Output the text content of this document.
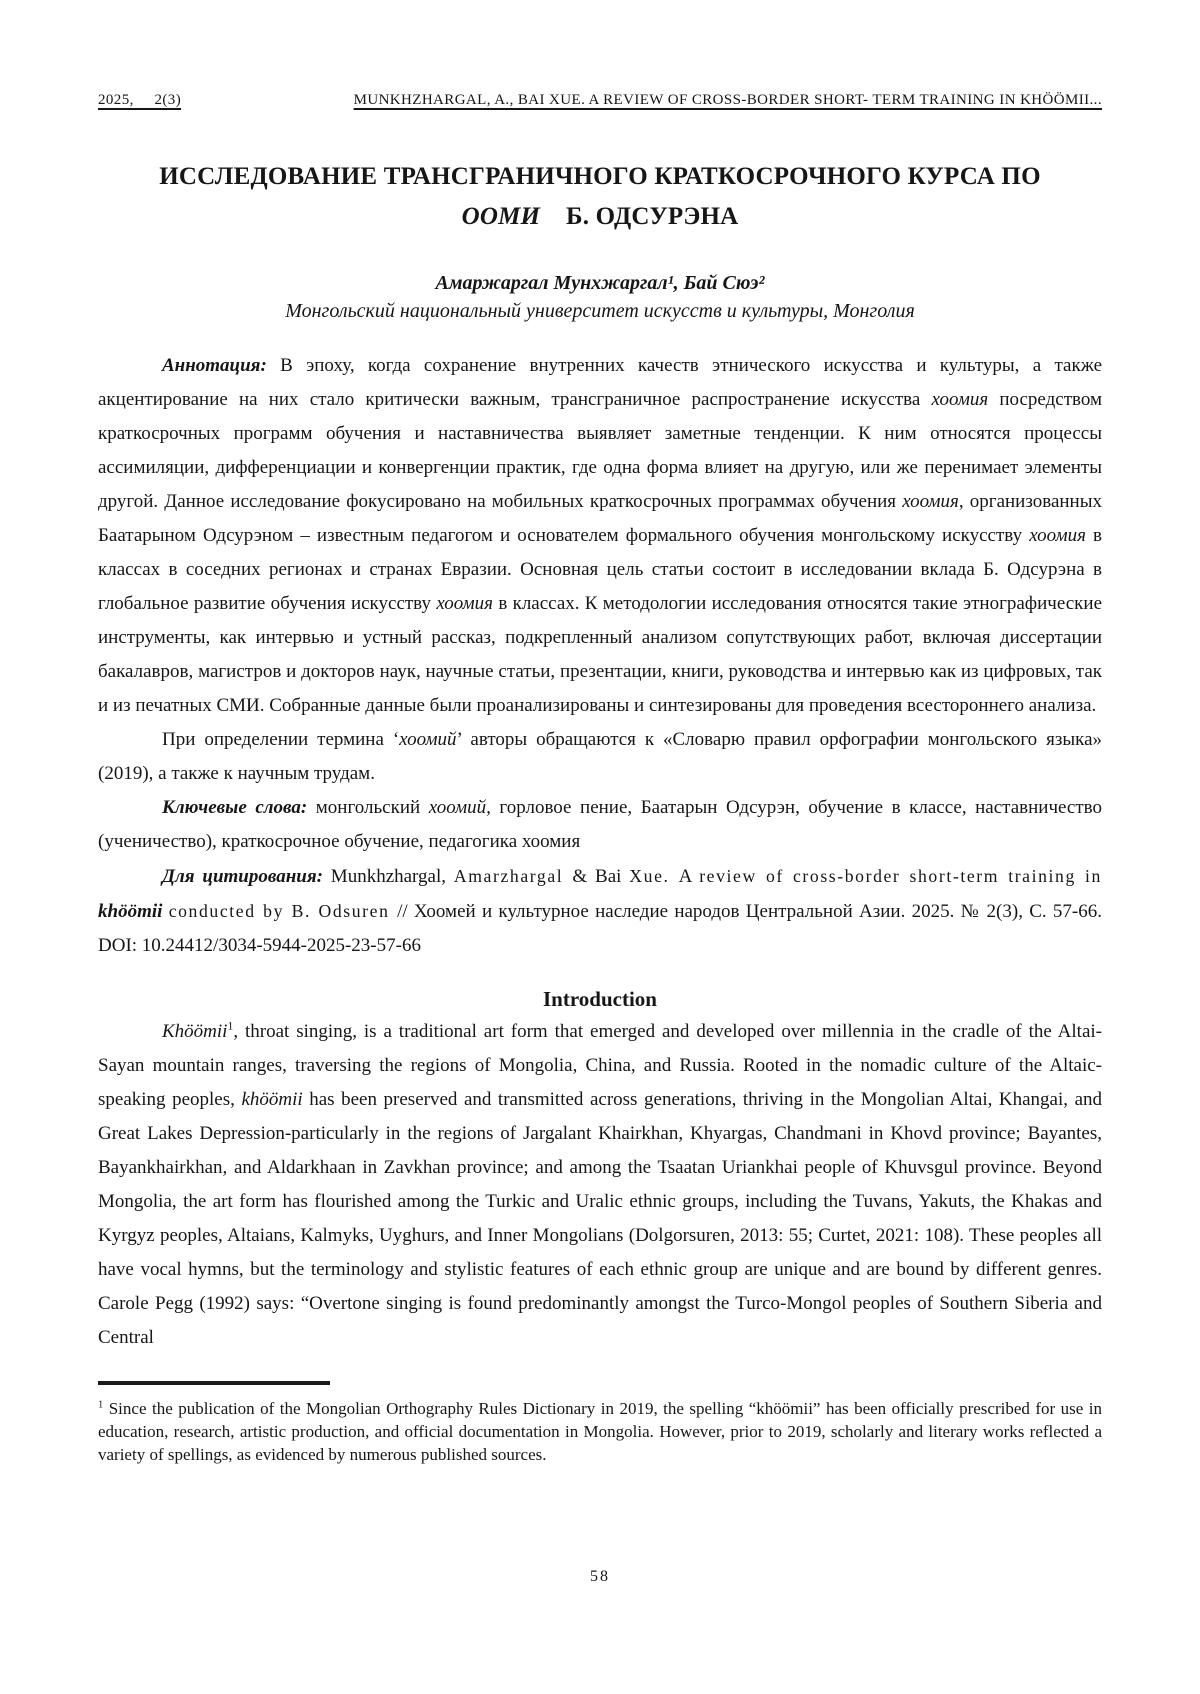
2025,     2(3)	MUNKHZHARGAL, A., BAI XUE. A REVIEW OF CROSS-BORDER SHORT- TERM TRAINING IN KHÖÖMII...
ИССЛЕДОВАНИЕ ТРАНСГРАНИЧНОГО КРАТКОСРОЧНОГО КУРСА ПО
ООМИ    Б. ОДСУРЭНА
Амаржаргал Мунхжаргал¹, Бай Сюэ²
Монгольский национальный университет искусств и культуры, Монголия

Аннотация: В эпоху, когда сохранение внутренних качеств этнического искусства и культуры, а также акцентирование на них стало критически важным, трансграничное распространение искусства хоомия посредством краткосрочных программ обучения и наставничества выявляет заметные тенденции. К ним относятся процессы ассимиляции, дифференциации и конвергенции практик, где одна форма влияет на другую, или же перенимает элементы другой. Данное исследование фокусировано на мобильных краткосрочных программах обучения хоомия, организованных Баатарыном Одсурэном – известным педагогом и основателем формального обучения монгольскому искусству хоомия в классах в соседних регионах и странах Евразии. Основная цель статьи состоит в исследовании вклада Б. Одсурэна в глобальное развитие обучения искусству хоомия в классах. К методологии исследования относятся такие этнографические инструменты, как интервью и устный рассказ, подкрепленный анализом сопутствующих работ, включая диссертации бакалавров, магистров и докторов наук, научные статьи, презентации, книги, руководства и интервью как из цифровых, так и из печатных СМИ. Собранные данные были проанализированы и синтезированы для проведения всестороннего анализа.

При определении термина ‘хоомий’ авторы обращаются к «Словарю правил орфографии монгольского языка» (2019), а также к научным трудам.

Ключевые слова: монгольский хоомий, горловое пение, Баатарын Одсурэн, обучение в классе, наставничество (ученичество), краткосрочное обучение, педагогика хоомия

Для цитирования: Munkhzhargal, Amarzhargal & Bai Xue. A review of cross-border short-term training in khöömii conducted by B. Odsuren // Хоомей и культурное наследие народов Центральной Азии. 2025. № 2(3), С. 57-66. DOI: 10.24412/3034-5944-2025-23-57-66

Introduction

Khöömii$^1$, throat singing, is a traditional art form that emerged and developed over millennia in the cradle of the Altai-Sayan mountain ranges, traversing the regions of Mongolia, China, and Russia. Rooted in the nomadic culture of the Altaic-speaking peoples, khöömii has been preserved and transmitted across generations, thriving in the Mongolian Altai, Khangai, and Great Lakes Depression-particularly in the regions of Jargalant Khairkhan, Khyargas, Chandmani in Khovd province; Bayantes, Bayankhairkhan, and Aldarkhaan in Zavkhan province; and among the Tsaatan Uriankhai people of Khuvsgul province. Beyond Mongolia, the art form has flourished among the Turkic and Uralic ethnic groups, including the Tuvans, Yakuts, the Khakas and Kyrgyz peoples, Altaians, Kalmyks, Uyghurs, and Inner Mongolians (Dolgorsuren, 2013: 55; Curtet, 2021: 108). These peoples all have vocal hymns, but the terminology and stylistic features of each ethnic group are unique and are bound by different genres. Carole Pegg (1992) says: “Overtone singing is found predominantly amongst the Turco-Mongol peoples of Southern Siberia and Central

$^1$ Since the publication of the Mongolian Orthography Rules Dictionary in 2019, the spelling “khöömii” has been officially prescribed for use in education, research, artistic production, and official documentation in Mongolia. However, prior to 2019, scholarly and literary works reflected a variety of spellings, as evidenced by numerous published sources.
58
